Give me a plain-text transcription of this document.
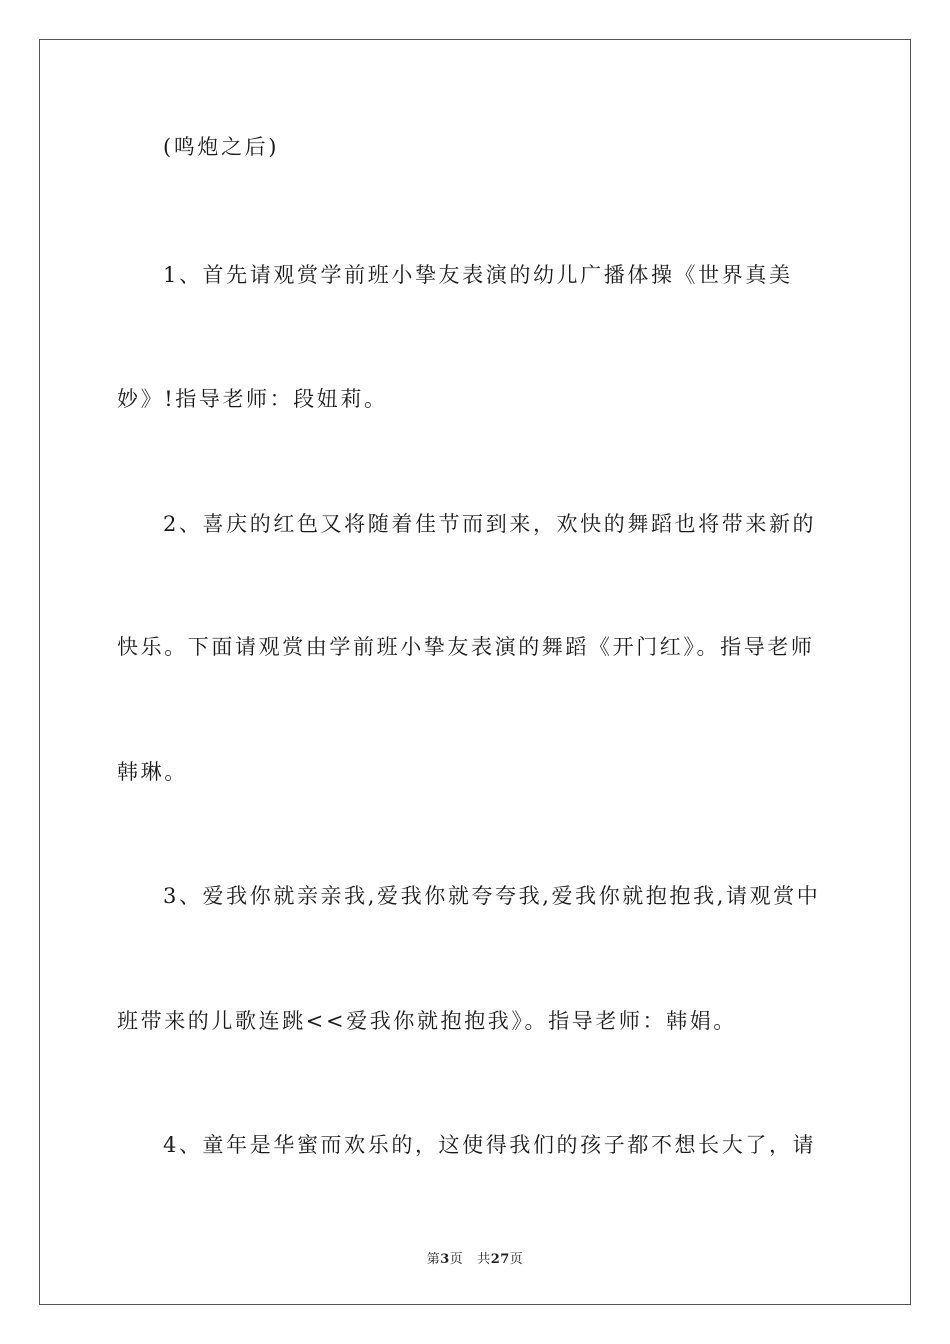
(鸣炮之后)
1、首先请观赏学前班小挚友表演的幼儿广播体操《世界真美
妙》!指导老师：段妞莉。
2、喜庆的红色又将随着佳节而到来，欢快的舞蹈也将带来新的
快乐。下面请观赏由学前班小挚友表演的舞蹈《开门红》。指导老师
韩琳。
3、爱我你就亲亲我,爱我你就夸夸我,爱我你就抱抱我,请观赏中
班带来的儿歌连跳<<爱我你就抱抱我》。指导老师：韩娟。
4、童年是华蜜而欢乐的，这使得我们的孩子都不想长大了，请
第3页 共27页
